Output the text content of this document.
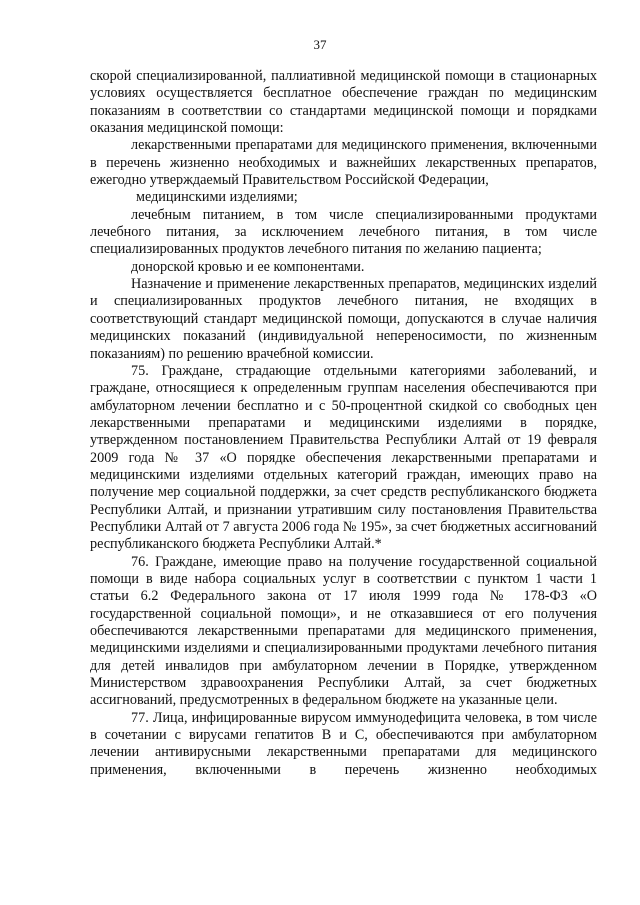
37

скорой специализированной, паллиативной медицинской помощи в стационарных условиях осуществляется бесплатное обеспечение граждан по медицинским показаниям в соответствии со стандартами медицинской помощи и порядками оказания медицинской помощи:

лекарственными препаратами для медицинского применения, включенными в перечень жизненно необходимых и важнейших лекарственных препаратов, ежегодно утверждаемый Правительством Российской Федерации,

медицинскими изделиями;

лечебным питанием, в том числе специализированными продуктами лечебного питания, за исключением лечебного питания, в том числе специализированных продуктов лечебного питания по желанию пациента;

донорской кровью и ее компонентами.

Назначение и применение лекарственных препаратов, медицинских изделий и специализированных продуктов лечебного питания, не входящих в соответствующий стандарт медицинской помощи, допускаются в случае наличия медицинских показаний (индивидуальной непереносимости, по жизненным показаниям) по решению врачебной комиссии.

75. Граждане, страдающие отдельными категориями заболеваний, и граждане, относящиеся к определенным группам населения обеспечиваются при амбулаторном лечении бесплатно и с 50-процентной скидкой со свободных цен лекарственными препаратами и медицинскими изделиями в порядке, утвержденном постановлением Правительства Республики Алтай от 19 февраля 2009 года № 37 «О порядке обеспечения лекарственными препаратами и медицинскими изделиями отдельных категорий граждан, имеющих право на получение мер социальной поддержки, за счет средств республиканского бюджета Республики Алтай, и признании утратившим силу постановления Правительства Республики Алтай от 7 августа 2006 года № 195», за счет бюджетных ассигнований республиканского бюджета Республики Алтай.*

76. Граждане, имеющие право на получение государственной социальной помощи в виде набора социальных услуг в соответствии с пунктом 1 части 1 статьи 6.2 Федерального закона от 17 июля 1999 года № 178-ФЗ «О государственной социальной помощи», и не отказавшиеся от его получения обеспечиваются лекарственными препаратами для медицинского применения, медицинскими изделиями и специализированными продуктами лечебного питания для детей инвалидов при амбулаторном лечении в Порядке, утвержденном Министерством здравоохранения Республики Алтай, за счет бюджетных ассигнований, предусмотренных в федеральном бюджете на указанные цели.

77. Лица, инфицированные вирусом иммунодефицита человека, в том числе в сочетании с вирусами гепатитов В и С, обеспечиваются при амбулаторном лечении антивирусными лекарственными препаратами для медицинского применения, включенными в перечень жизненно необходимых
